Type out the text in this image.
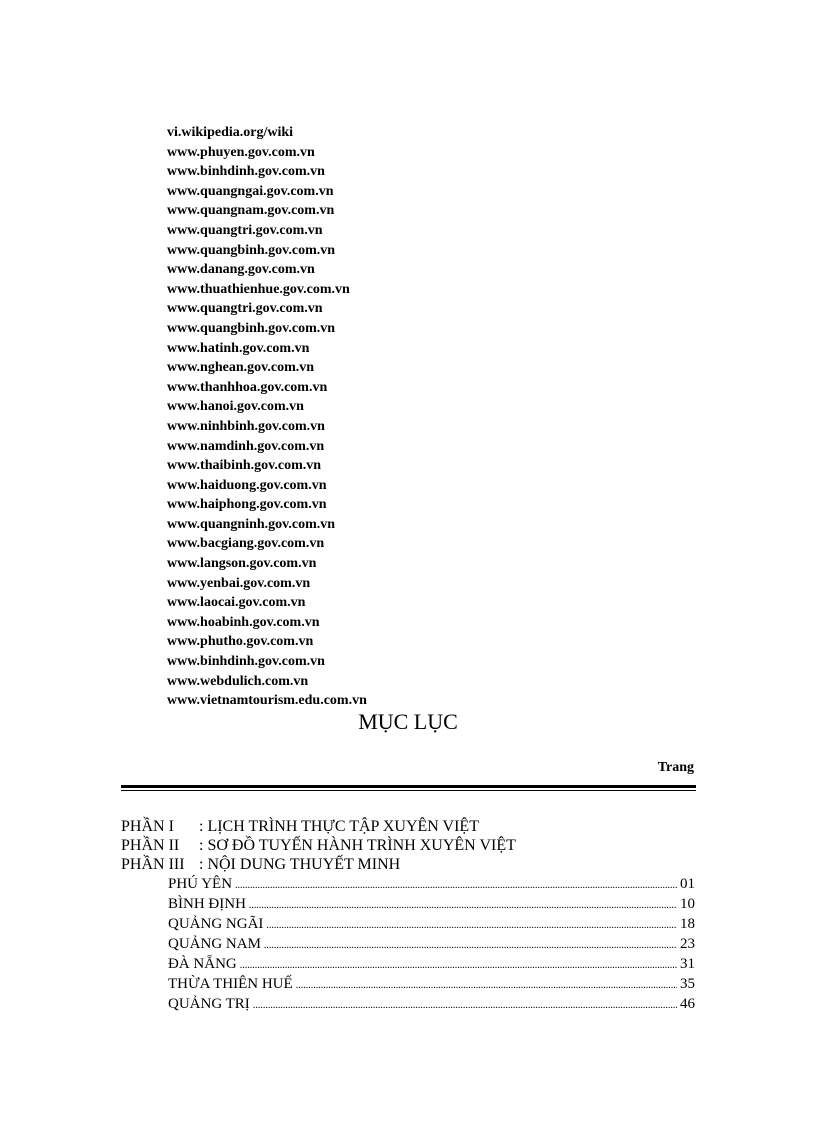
vi.wikipedia.org/wiki
www.phuyen.gov.com.vn
www.binhdinh.gov.com.vn
www.quangngai.gov.com.vn
www.quangnam.gov.com.vn
www.quangtri.gov.com.vn
www.quangbinh.gov.com.vn
www.danang.gov.com.vn
www.thuathienhue.gov.com.vn
www.quangtri.gov.com.vn
www.quangbinh.gov.com.vn
www.hatinh.gov.com.vn
www.nghean.gov.com.vn
www.thanhhoa.gov.com.vn
www.hanoi.gov.com.vn
www.ninhbinh.gov.com.vn
www.namdinh.gov.com.vn
www.thaibinh.gov.com.vn
www.haiduong.gov.com.vn
www.haiphong.gov.com.vn
www.quangninh.gov.com.vn
www.bacgiang.gov.com.vn
www.langson.gov.com.vn
www.yenbai.gov.com.vn
www.laocai.gov.com.vn
www.hoabinh.gov.com.vn
www.phutho.gov.com.vn
www.binhdinh.gov.com.vn
www.webdulich.com.vn
www.vietnamtourism.edu.com.vn
MỤC LỤC
Trang
PHẦN I : LỊCH TRÌNH THỰC TẬP XUYÊN VIỆT
PHẦN II : SƠ ĐỒ TUYẾN HÀNH TRÌNH XUYÊN VIỆT
PHẦN III : NỘI DUNG THUYẾT MINH
PHÚ YÊN .....	01
BÌNH ĐỊNH .....	10
QUẢNG NGÃI .....	18
QUẢNG NAM .....	23
ĐÀ NẴNG .....	31
THỪA THIÊN HUẾ .....	35
QUẢNG TRỊ .....	46
